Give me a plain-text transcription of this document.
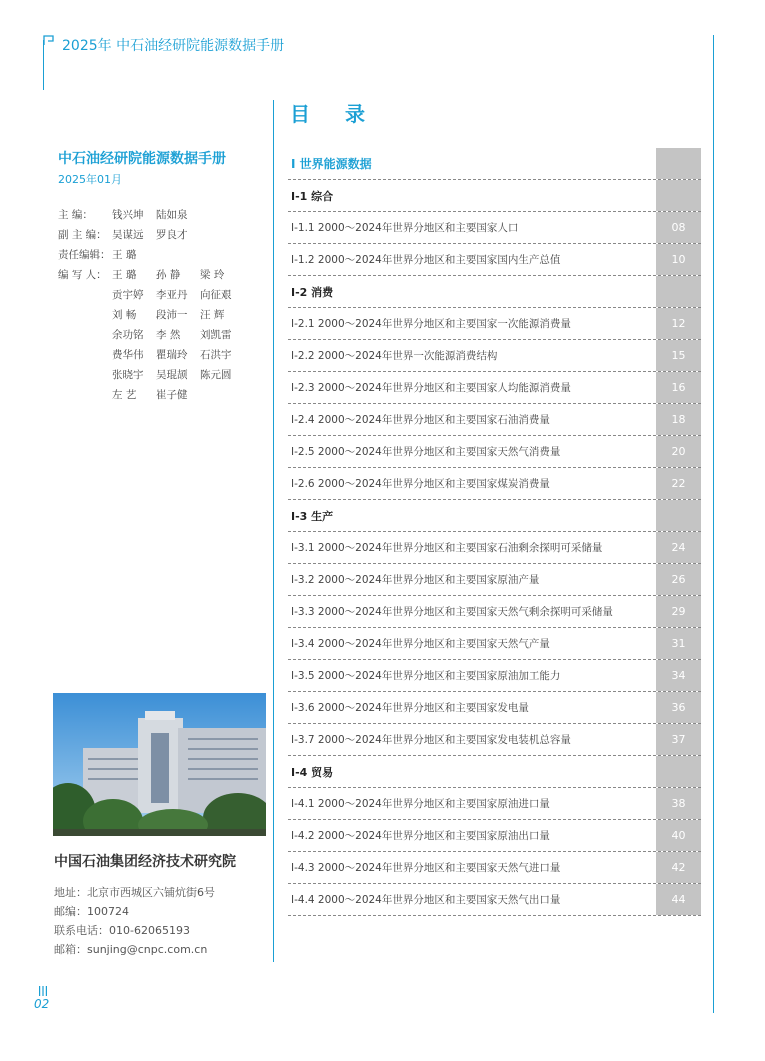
2025年 中石油经研院能源数据手册
中石油经研院能源数据手册
2025年01月
主 编：	钱兴坤	陆如泉
副 主 编： 吴谋远	罗良才
责任编辑： 王 璐
编 写 人： 王 璐	孙 静	梁 玲
贡宇婷	李亚丹	向征艰
刘 畅	段沛一	汪 辉
余功铭	李 然	刘凯雷
费华伟	瞿瑞玲	石洪宇
张晓宇	吴琨颉	陈元圆
左 艺	崔子健
中国石油集团经济技术研究院
地址：北京市西城区六铺炕街6号
邮编：100724
联系电话：010-62065193
邮箱：sunjing@cnpc.com.cn
02
目 录
I 世界能源数据
I-1 综合
I-1.1 2000～2024年世界分地区和主要国家人口	08
I-1.2 2000～2024年世界分地区和主要国家国内生产总值	10
I-2 消费
I-2.1 2000～2024年世界分地区和主要国家一次能源消费量	12
I-2.2 2000～2024年世界一次能源消费结构	15
I-2.3 2000～2024年世界分地区和主要国家人均能源消费量	16
I-2.4 2000～2024年世界分地区和主要国家石油消费量	18
I-2.5 2000～2024年世界分地区和主要国家天然气消费量	20
I-2.6 2000～2024年世界分地区和主要国家煤炭消费量	22
I-3 生产
I-3.1 2000～2024年世界分地区和主要国家石油剩余探明可采储量	24
I-3.2 2000～2024年世界分地区和主要国家原油产量	26
I-3.3 2000～2024年世界分地区和主要国家天然气剩余探明可采储量	29
I-3.4 2000～2024年世界分地区和主要国家天然气产量	31
I-3.5 2000～2024年世界分地区和主要国家原油加工能力	34
I-3.6 2000～2024年世界分地区和主要国家发电量	36
I-3.7 2000～2024年世界分地区和主要国家发电装机总容量	37
I-4 贸易
I-4.1 2000～2024年世界分地区和主要国家原油进口量	38
I-4.2 2000～2024年世界分地区和主要国家原油出口量	40
I-4.3 2000～2024年世界分地区和主要国家天然气进口量	42
I-4.4 2000～2024年世界分地区和主要国家天然气出口量	44
